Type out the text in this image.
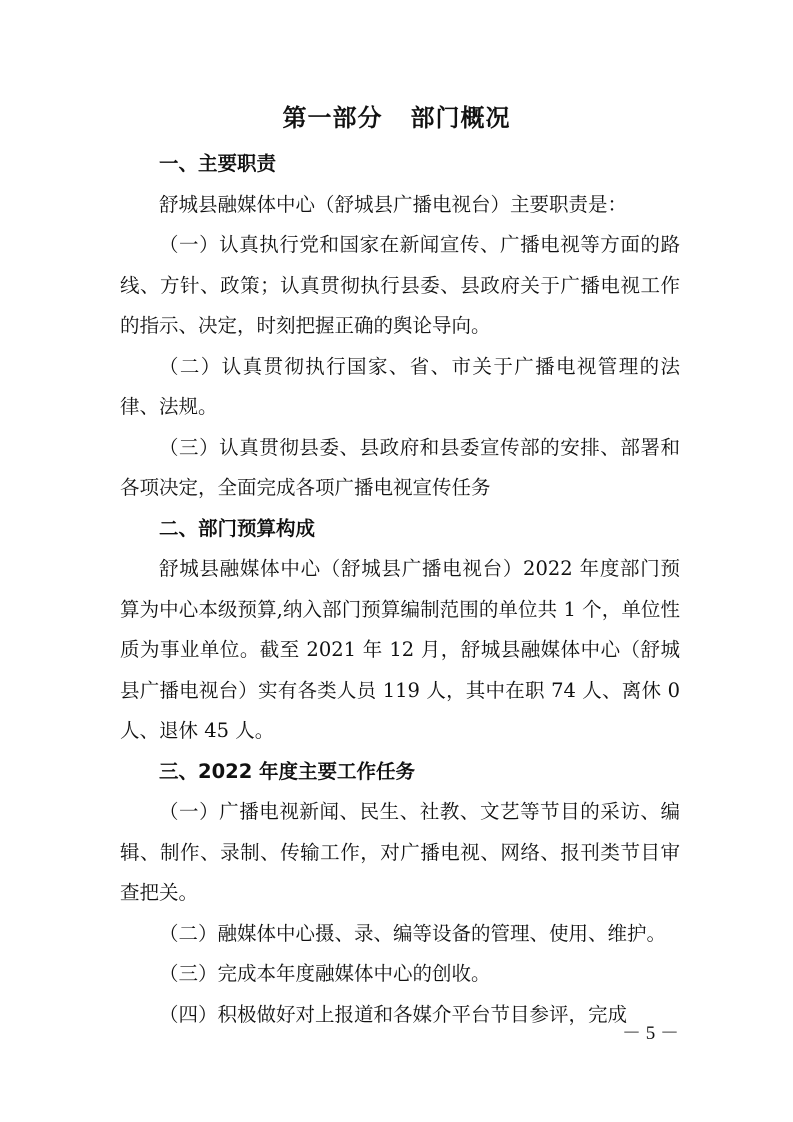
第一部分 部门概况
一、主要职责

舒城县融媒体中心（舒城县广播电视台）主要职责是：

（一）认真执行党和国家在新闻宣传、广播电视等方面的路线、方针、政策；认真贯彻执行县委、县政府关于广播电视工作的指示、决定，时刻把握正确的舆论导向。

（二）认真贯彻执行国家、省、市关于广播电视管理的法律、法规。

（三）认真贯彻县委、县政府和县委宣传部的安排、部署和各项决定，全面完成各项广播电视宣传任务

二、部门预算构成

舒城县融媒体中心（舒城县广播电视台）2022 年度部门预算为中心本级预算,纳入部门预算编制范围的单位共 1 个，单位性质为事业单位。截至 2021 年 12 月，舒城县融媒体中心（舒城县广播电视台）实有各类人员 119 人，其中在职 74 人、离休 0 人、退休 45 人。

三、2022 年度主要工作任务

（一）广播电视新闻、民生、社教、文艺等节目的采访、编辑、制作、录制、传输工作，对广播电视、网络、报刊类节目审查把关。

（二）融媒体中心摄、录、编等设备的管理、使用、维护。

（三）完成本年度融媒体中心的创收。

（四）积极做好对上报道和各媒介平台节目参评，完成

－ 5 －
